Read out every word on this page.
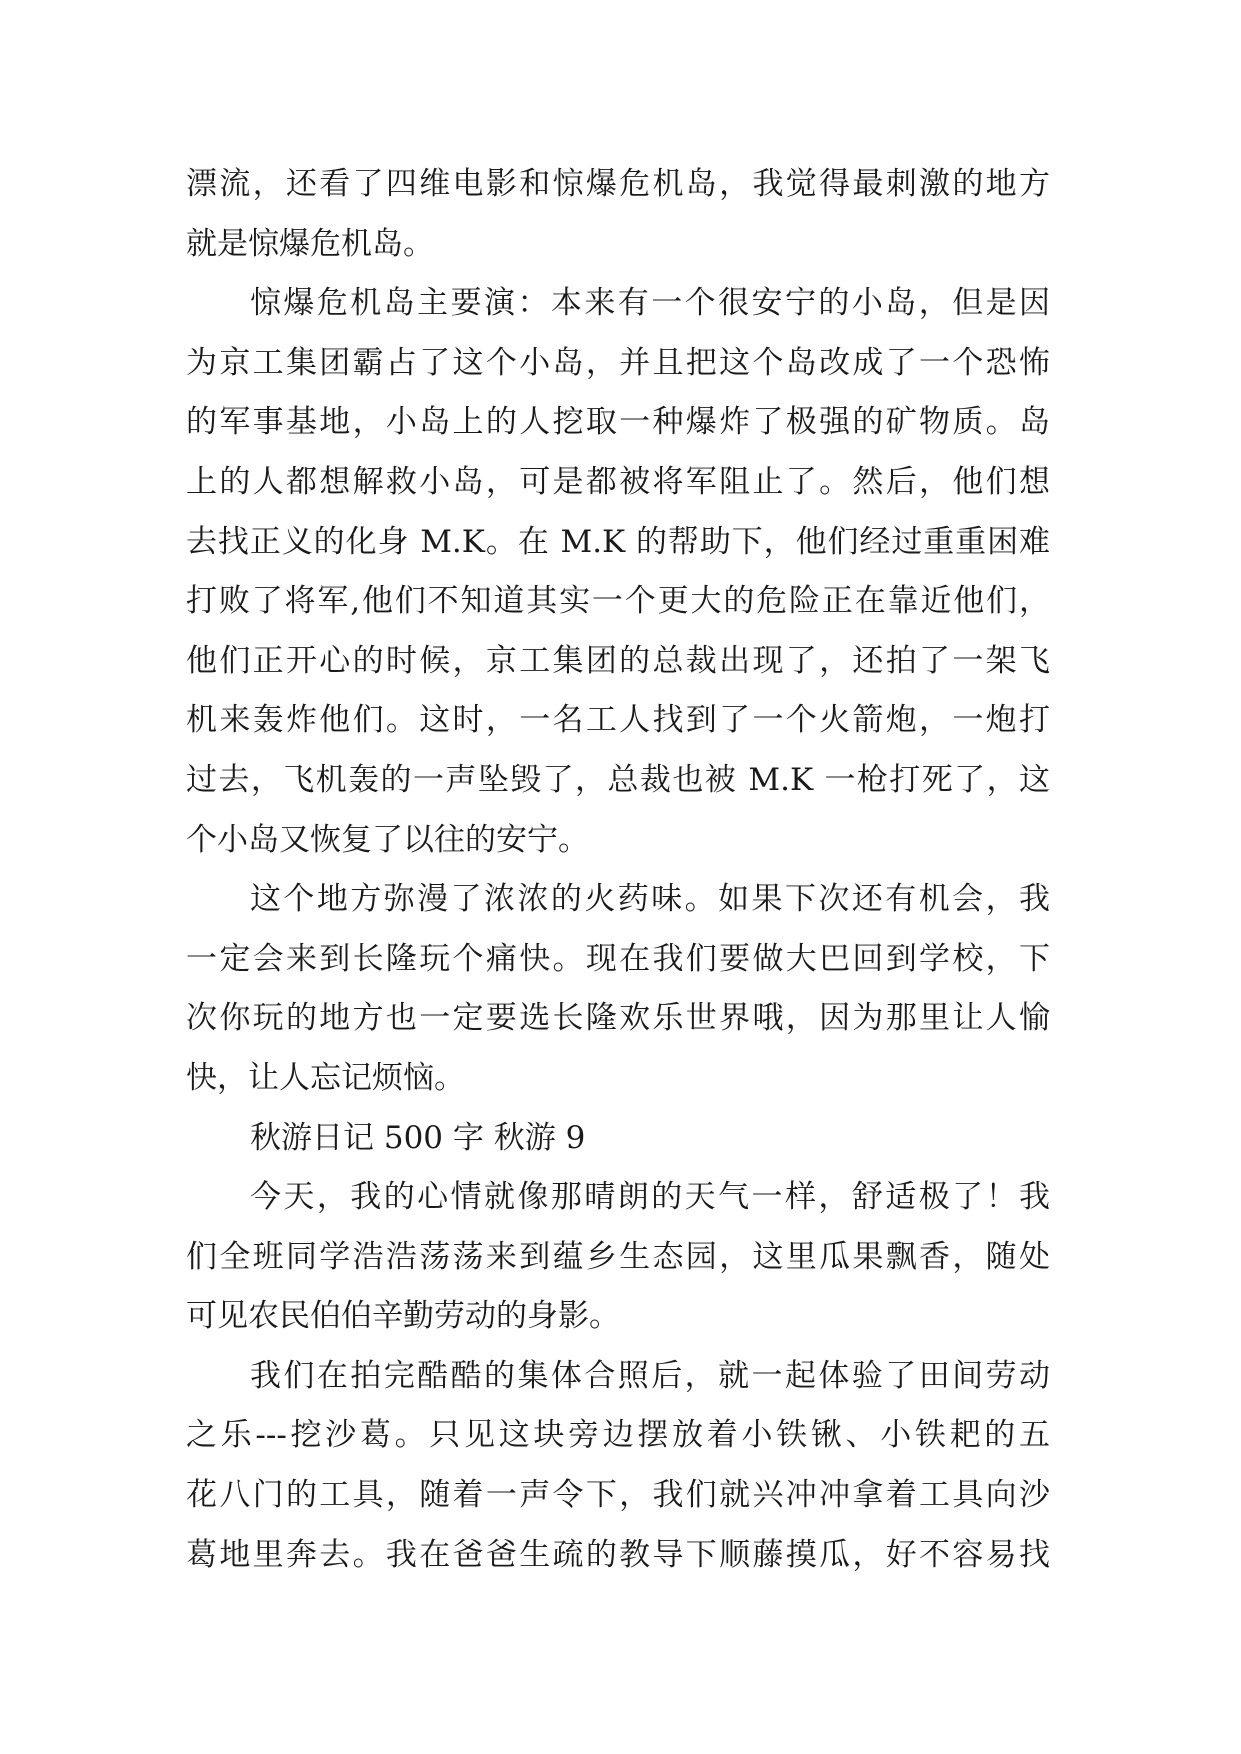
漂流，还看了四维电影和惊爆危机岛，我觉得最刺激的地方
就是惊爆危机岛。
惊爆危机岛主要演：本来有一个很安宁的小岛，但是因
为京工集团霸占了这个小岛，并且把这个岛改成了一个恐怖
的军事基地，小岛上的人挖取一种爆炸了极强的矿物质。岛
上的人都想解救小岛，可是都被将军阻止了。然后，他们想
去找正义的化身 M.K。在 M.K 的帮助下，他们经过重重困难
打败了将军,他们不知道其实一个更大的危险正在靠近他们，
他们正开心的时候，京工集团的总裁出现了，还拍了一架飞
机来轰炸他们。这时，一名工人找到了一个火箭炮，一炮打
过去，飞机轰的一声坠毁了，总裁也被 M.K 一枪打死了，这
个小岛又恢复了以往的安宁。
这个地方弥漫了浓浓的火药味。如果下次还有机会，我
一定会来到长隆玩个痛快。现在我们要做大巴回到学校，下
次你玩的地方也一定要选长隆欢乐世界哦，因为那里让人愉
快，让人忘记烦恼。
秋游日记 500 字 秋游 9
今天，我的心情就像那晴朗的天气一样，舒适极了！我
们全班同学浩浩荡荡来到蕴乡生态园，这里瓜果飘香，随处
可见农民伯伯辛勤劳动的身影。
我们在拍完酷酷的集体合照后，就一起体验了田间劳动
之乐---挖沙葛。只见这块旁边摆放着小铁锹、小铁耙的五
花八门的工具，随着一声令下，我们就兴冲冲拿着工具向沙
葛地里奔去。我在爸爸生疏的教导下顺藤摸瓜，好不容易找
